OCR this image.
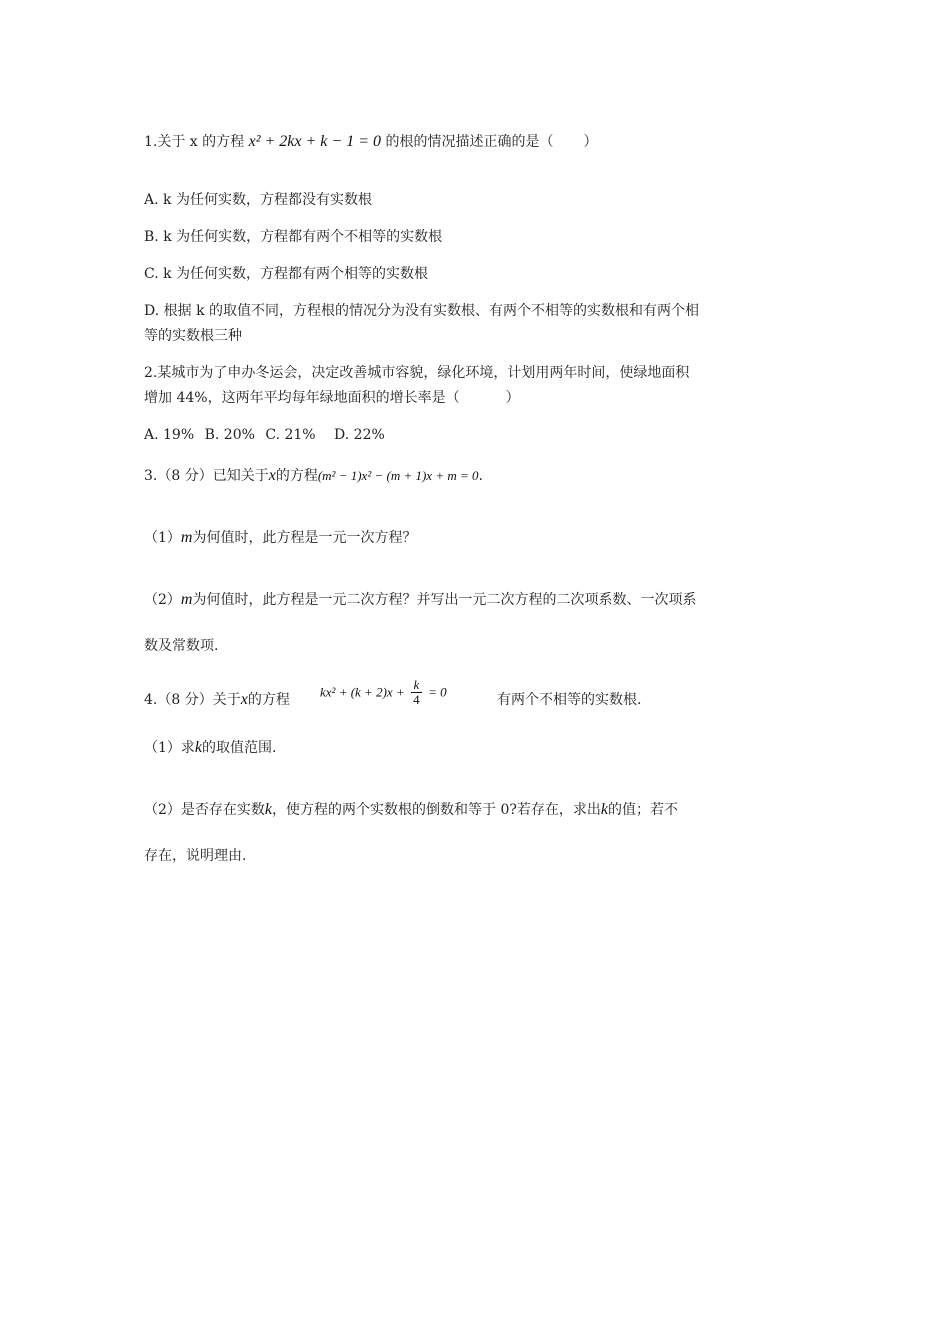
1.关于 x 的方程 x² + 2kx + k − 1 = 0 的根的情况描述正确的是（ ）
A. k 为任何实数，方程都没有实数根
B. k 为任何实数，方程都有两个不相等的实数根
C. k 为任何实数，方程都有两个相等的实数根
D. 根据 k 的取值不同，方程根的情况分为没有实数根、有两个不相等的实数根和有两个相
等的实数根三种
2.某城市为了申办冬运会，决定改善城市容貌，绿化环境，计划用两年时间，使绿地面积
增加 44%，这两年平均每年绿地面积的增长率是（	）
A. 19% B. 20% C. 21% D. 22%
3.（8 分）已知关于x的方程(m² − 1)x² − (m + 1)x + m = 0.
（1）m为何值时，此方程是一元一次方程？
（2）m为何值时，此方程是一元二次方程？并写出一元二次方程的二次项系数、一次项系
数及常数项.
4.（8 分）关于x的方程 $kx^2 + (k + 2)x + \frac{k}{4} = 0$	有两个不相等的实数根.
（1）求k的取值范围.
（2）是否存在实数k，使方程的两个实数根的倒数和等于 0?若存在，求出k的值；若不
存在，说明理由.
